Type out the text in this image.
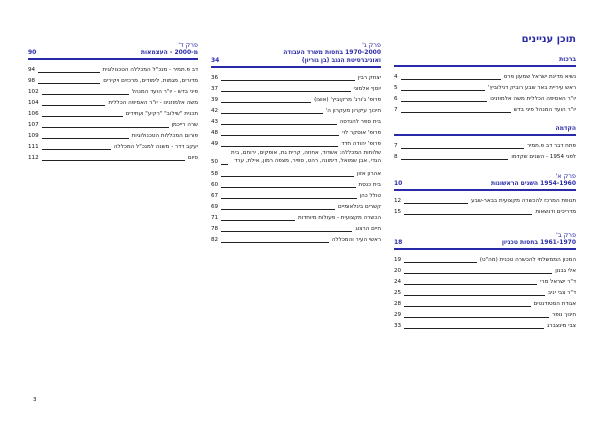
תוכן עניינים
ברכות
נשיא מדינת ישראל שמעון פרס
4
ראש עיריית באר שבע רוביק דנילוביץ'
5
יו"ר האסיפה הכללית משה אלמוזנינו
6
יו"ר הועד המנהל פיני בדש
7
הקדמה
פתח דבר דב פ.תמיר
7
לפני 1954 - השנים שקדמו
8
פרק א'
1954-1960 השנים הראשונות
10
תנופת המרכז להכשרה מקצועית בבאר-שבע
12
מדריכים ודנשאות
15
פרק ב'
1961-1970 בחסות טכניון
18
המכון הממשלתי להכשרה טכנית (מה"ט)
19
אלי גבנון
20
ד"ר ישראל מרי
24
ד"ר צבי יניב
25
אגודת הסטודנטים
28
חינוך נופר
29
צבי מינצברג
33
פרק ג'
1970-2000 בחסות משרד העבודה
ואוניברסיטת הנגב (בן גוריון)
34
יצחק רבין
36
יוסף אלמוני
37
פרופ' ג'ורג' מרקוביץ' (אוצו)
39
חיכוך עיקרון מעקרון ה'
42
בית ספר להנדסה
43
פרופ' אוסקר לוי
48
פרופ' יהודה חדד
49
שלוחות המכללה: אשדוד, אחוזה, קרית גת, אופקים, ירוחם, בית הגדי, אבן שמואל, דימונה, רהט, ספיר, מצפה רמון, אילת, ערד
50
אהרון אזון
58
בית כנסת
60
טולל כהן
67
קשרים בינלאומיים
69
הכשרה מקצועית - פעולות מיוחדות
71
חיים הרצוג
78
ראשי העיר והמכללה
82
פרק ד'
מ-2000 - העצמאות
90
דב פ.תמיר - מנכ"ל המכללה הטכנולוגית
94
מדורים, מגמות, לימודים, מרכזים ויקירים
98
פיני בדש - יו"ר הועד המנהל
102
משה אלמוזנינו - יו"ר האסיפה הכללית
104
תכנית "שילוב" "רקיע" ועתידים
106
שרה רייכמן
107
פורום המכללות הטכנולוגיות
109
יעקב דדר - משנה למנכ"ל המכללה
111
סיום
112
3
